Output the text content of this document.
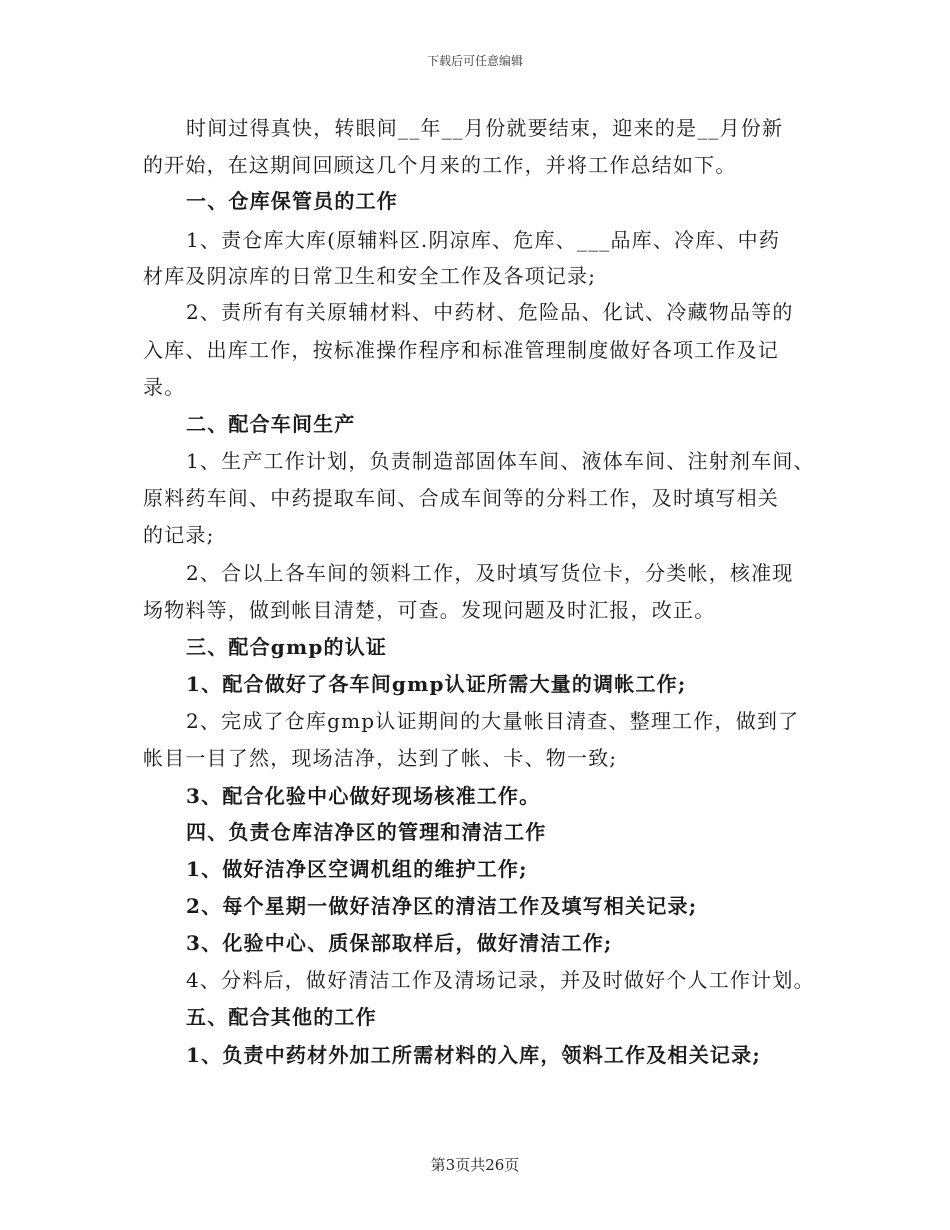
下载后可任意编辑
时间过得真快，转眼间__年__月份就要结束，迎来的是__月份新
的开始，在这期间回顾这几个月来的工作，并将工作总结如下。
一、仓库保管员的工作
1、责仓库大库(原辅料区.阴凉库、危库、___品库、冷库、中药
材库及阴凉库的日常卫生和安全工作及各项记录;
2、责所有有关原辅材料、中药材、危险品、化试、冷藏物品等的
入库、出库工作，按标准操作程序和标准管理制度做好各项工作及记
录。
二、配合车间生产
1、生产工作计划，负责制造部固体车间、液体车间、注射剂车间、
原料药车间、中药提取车间、合成车间等的分料工作，及时填写相关
的记录;
2、合以上各车间的领料工作，及时填写货位卡，分类帐，核准现
场物料等，做到帐目清楚，可查。发现问题及时汇报，改正。
三、配合gmp的认证
1、配合做好了各车间gmp认证所需大量的调帐工作;
2、完成了仓库gmp认证期间的大量帐目清查、整理工作，做到了
帐目一目了然，现场洁净，达到了帐、卡、物一致;
3、配合化验中心做好现场核准工作。
四、负责仓库洁净区的管理和清洁工作
1、做好洁净区空调机组的维护工作;
2、每个星期一做好洁净区的清洁工作及填写相关记录;
3、化验中心、质保部取样后，做好清洁工作;
4、分料后，做好清洁工作及清场记录，并及时做好个人工作计划。
五、配合其他的工作
1、负责中药材外加工所需材料的入库，领料工作及相关记录;
第3页共26页
